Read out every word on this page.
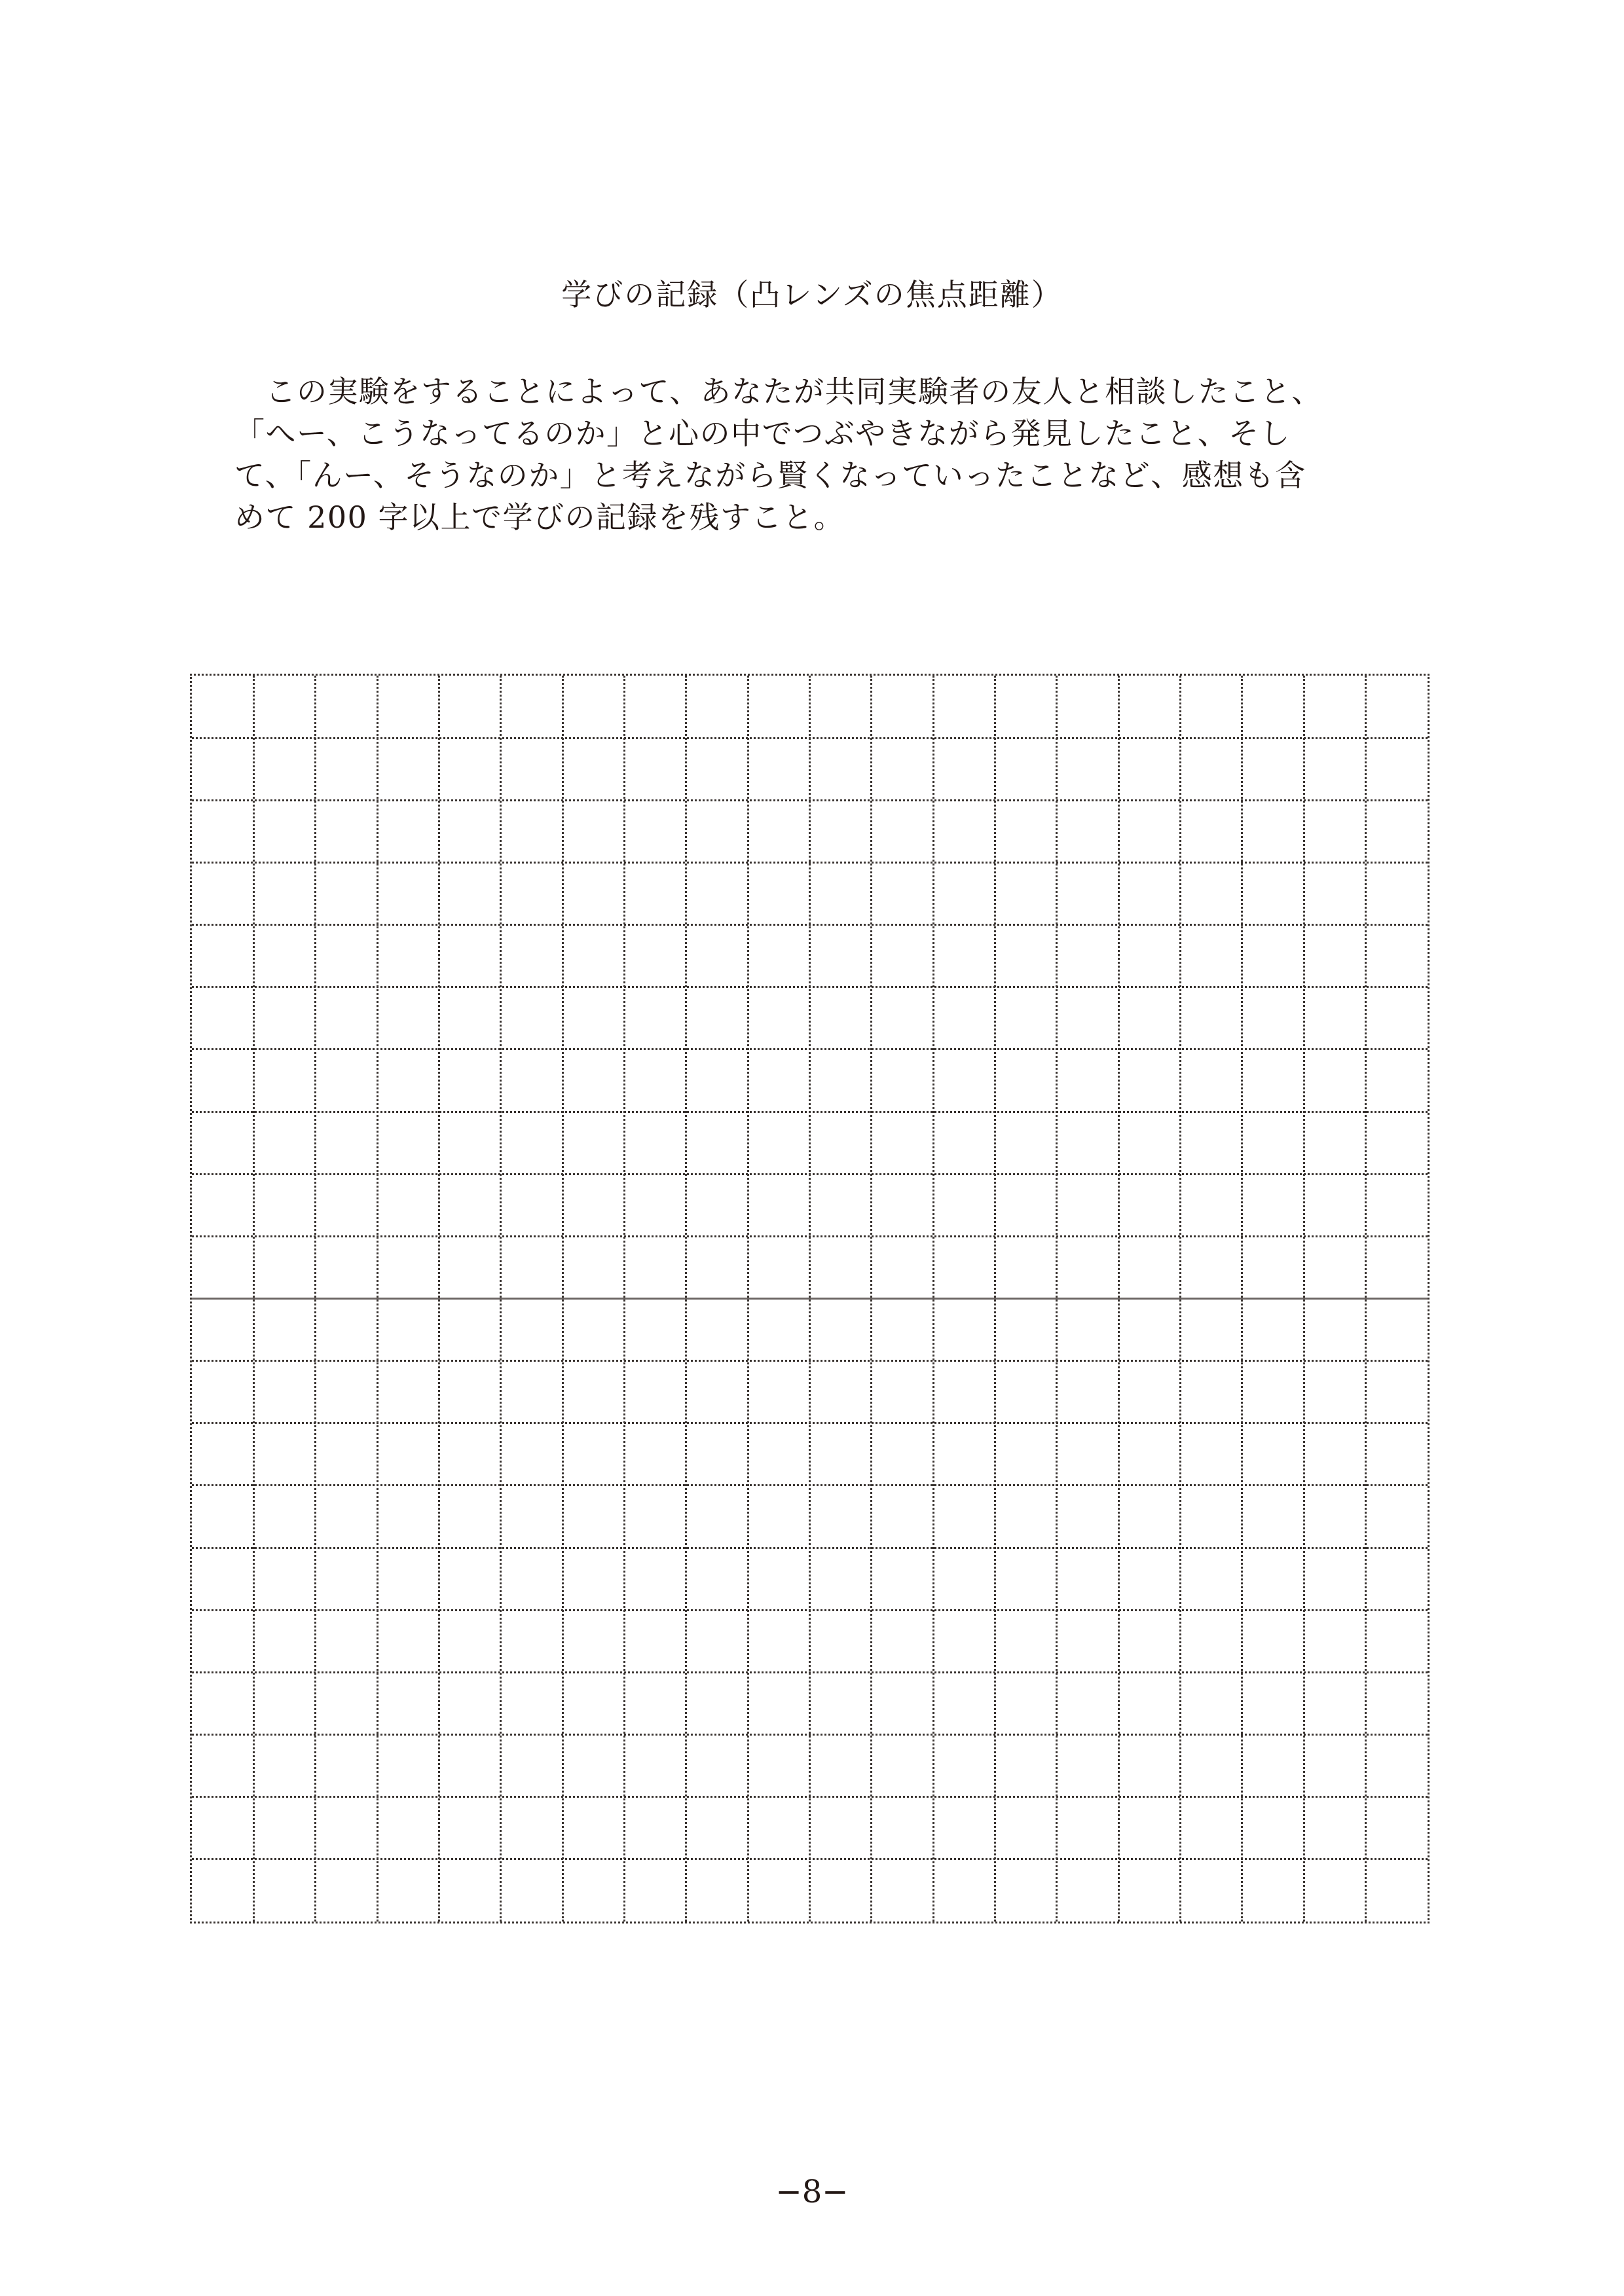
学びの記録（凸レンズの焦点距離）
　この実験をすることによって、あなたが共同実験者の友人と相談したこと、
「へー、こうなってるのか」と心の中でつぶやきながら発見したこと、そし
て、「んー、そうなのか」と考えながら賢くなっていったことなど、感想も含
めて 200 字以上で学びの記録を残すこと。
−8−
